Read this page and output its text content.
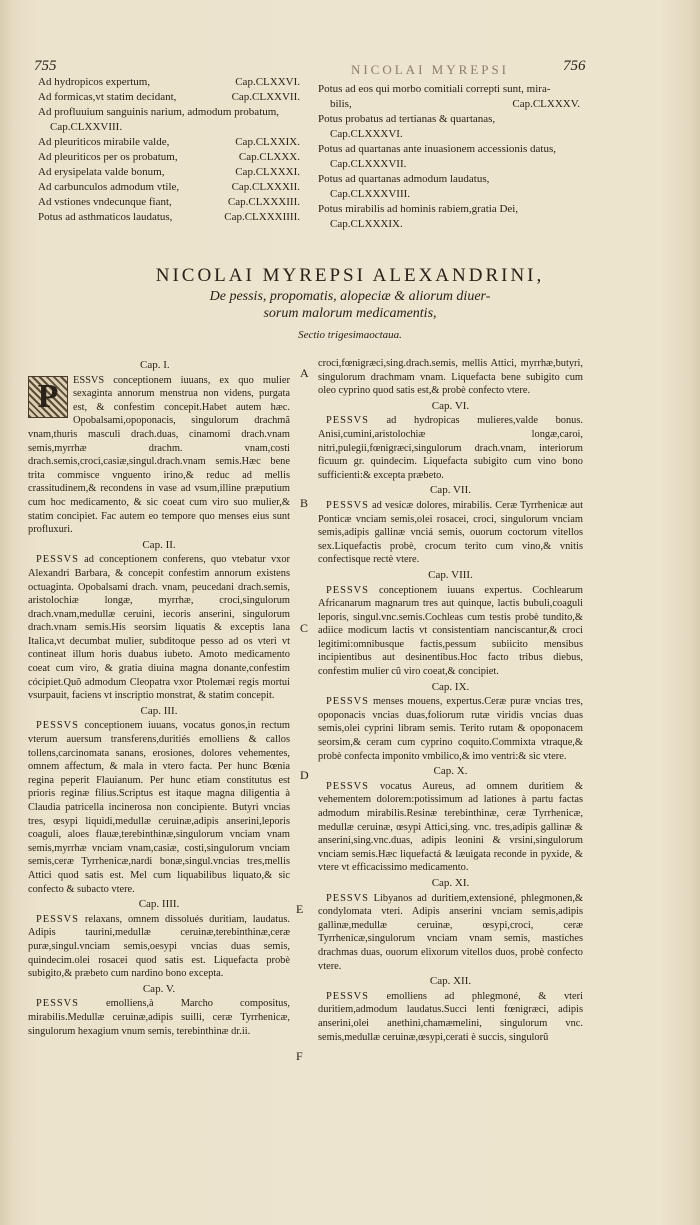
755	NICOLAI MYREPSI	756
Ad hydropicos expertum,	Cap.CLXXVI.
Ad formicas,vt statim decidant,	Cap.CLXXVII.
Ad profluuium sanguinis narium, admodum probatum,
Cap.CLXXVIII.
Ad pleuriticos mirabile valde,	Cap.CLXXIX.
Ad pleuriticos per os probatum,	Cap.CLXXX.
Ad erysipelata valde bonum,	Cap.CLXXXI.
Ad carbunculos admodum vtile,	Cap.CLXXXII.
Ad vstiones vndecunque fiant,	Cap.CLXXXIII.
Potus ad asthmaticos laudatus,	Cap.CLXXXIIII.
Potus ad eos qui morbo comitiali correpti sunt, mira-
bilis,	Cap.CLXXXV.
Potus probatus ad tertianas & quartanas,
Cap.CLXXXVI.
Potus ad quartanas ante inuasionem accessionis datus,
Cap.CLXXXVII.
Potus ad quartanas admodum laudatus,
Cap.CLXXXVIII.
Potus mirabilis ad hominis rabiem,gratia Dei,
Cap.CLXXXIX.
NICOLAI MYREPSI ALEXANDRINI,
De pessis, propomatis, alopeciæ & aliorum diuer-
sorum malorum medicamentis,
Sectio trigesimaoctaua.
A
B
C
D
E
F
Cap. I.

P	ESSVS conceptionem iuuans, ex quo mulier sexaginta annorum menstrua non videns, purgata est, & confestim concepit.Habet autem hæc. Opobalsami,opoponacis, singulorum drachmã vnam,thuris masculi drach.duas, cinamomi drach.vnam semis,myrrhæ drachm. vnam,costi drach.semis,croci,casiæ,singul.drach.vnam semis.Hæc bene trita commisce vnguento irino,& reduc ad mellis crassitudinem,& recondens in vase ad vsum,illine præputium cum hoc medicamento, & sic coeat cum viro suo mulier,& statim concipiet. Fac autem eo tempore quo menses eius sunt profluxuri.

Cap. II.

PESSVS ad conceptionem conferens, quo vtebatur vxor Alexandri Barbara, & concepit confestim annorum existens octuaginta. Opobalsami drach. vnam, peucedani drach.semis, aristolochiæ longæ, myrrhæ, croci,singulorum drach.vnam,medullæ ceruini, iecoris anserini, singulorum drach.vnam semis.His seorsim liquatis & exceptis lana Italica,vt decumbat mulier, subditoque pesso ad os vteri vt contineat illum horis duabus iubeto. Amoto medicamento coeat cum viro, & gratia diuina magna donante,confestim cócipiet.Quõ admodum Cleopatra vxor Ptolemæi regis mortui vsurpauit, faciens vt inscriptio monstrat, & statim concepit.

Cap. III.

PESSVS conceptionem iuuans, vocatus gonos,in rectum vterum auersum transferens,duritiés emolliens & callos tollens,carcinomata sanans, erosiones, dolores vehementes, omnem affectum, & mala in vtero facta. Per hunc Bœnia regina peperit Flauianum. Per hunc etiam constitutus est prioris reginæ filius.Scriptus est itaque magna diligentia à Claudia patricella incinerosa non concipiente. Butyri vncias tres, œsypi liquidi,medullæ ceruinæ,adipis anserini,leporis coaguli, aloes flauæ,terebinthinæ,singulorum vnciam vnam semis,myrrhæ vnciam vnam,casiæ, costi,singulorum vnciam semis,ceræ Tyrrhenicæ,nardi bonæ,singul.vncias tres,mellis Attici quod satis est. Mel cum liquabilibus liquato,& sic confecto & subacto vtere.

Cap. IIII.

PESSVS relaxans, omnem dissolués duritiam, laudatus. Adipis taurini,medullæ ceruinæ,terebinthinæ,ceræ puræ,singul.vnciam semis,oesypi vncias duas semis, quindecim.olei rosacei quod satis est. Liquefacta probè subigito,& præbeto cum nardino bono excepta.

Cap. V.

PESSVS emolliens,à Marcho compositus, mirabilis.Medullæ ceruinæ,adipis suilli, ceræ Tyrrhenicæ, singulorum hexagium vnum semis, terebinthinæ dr.ii.

croci,fœnigræci,sing.drach.semis, mellis Attici, myrrhæ,butyri, singulorum drachmam vnam. Liquefacta bene subigito cum oleo cyprino quod satis est,& probè confecto vtere.

Cap. VI.

PESSVS ad hydropicas mulieres,valde bonus. Anisi,cumini,aristolochiæ longæ,caroi, nitri,pulegii,fœnigræci,singulorum drach.vnam, interiorum ficuum gr. quindecim. Liquefacta subigito cum vino bono sufficienti:& excepta præbeto.

Cap. VII.

PESSVS ad vesicæ dolores, mirabilis. Ceræ Tyrrhenicæ aut Ponticæ vnciam semis,olei rosacei, croci, singulorum vnciam semis,adipis gallinæ vnciá semis, ouorum coctorum vitellos sex.Liquefactis probè, crocum terito cum vino,& vnitis confectisque rectè vtere.

Cap. VIII.

PESSVS conceptionem iuuans expertus. Cochlearum Africanarum magnarum tres aut quinque, lactis bubuli,coaguli leporis, singul.vnc.semis.Cochleas cum testis probè tundito,& adiice modicum lactis vt consistentiam nanciscantur,& croci legitimi:omnibusque factis,pessum subiicito mensibus incipientibus aut desinentibus.Hoc facto tribus diebus, confestim mulier cũ viro coeat,& concipiet.

Cap. IX.

PESSVS menses mouens, expertus.Ceræ puræ vncias tres, opoponacis vncias duas,foliorum rutæ viridis vncias duas semis,olei cyprini libram semis. Terito rutam & opoponacem seorsim,& ceram cum cyprino coquito.Commixta vtraque,& probè confecta imponito vmbilico,& imo ventri:& sic vtere.

Cap. X.

PESSVS vocatus Aureus, ad omnem duritiem & vehementem dolorem:potissimum ad lationes à partu factas admodum mirabilis.Resinæ terebinthinæ, ceræ Tyrrhenicæ, medullæ ceruinæ, œsypi Attici,sing. vnc. tres,adipis gallinæ & anserini,sing.vnc.duas, adipis leonini & vrsini,singulorum vnciam semis.Hæc liquefactá & læuigata reconde in pyxide, & vtere vt efficacissimo medicamento.

Cap. XI.

PESSVS Libyanos ad duritiem,extensioné, phlegmonen,& condylomata vteri. Adipis anserini vnciam semis,adipis gallinæ,medullæ ceruinæ, œsypi,croci, ceræ Tyrrhenicæ,singulorum vnciam vnam semis, mastiches drachmas duas, ouorum elixorum vitellos duos, probè confecto vtere.

Cap. XII.

PESSVS emolliens ad phlegmoné, & vteri duritiem,admodum laudatus.Succi lenti fœnigræci, adipis anserini,olei anethini,chamæmelini, singulorum vnc. semis,medullæ ceruinæ,œsypi,cerati è succis, singulorũ
